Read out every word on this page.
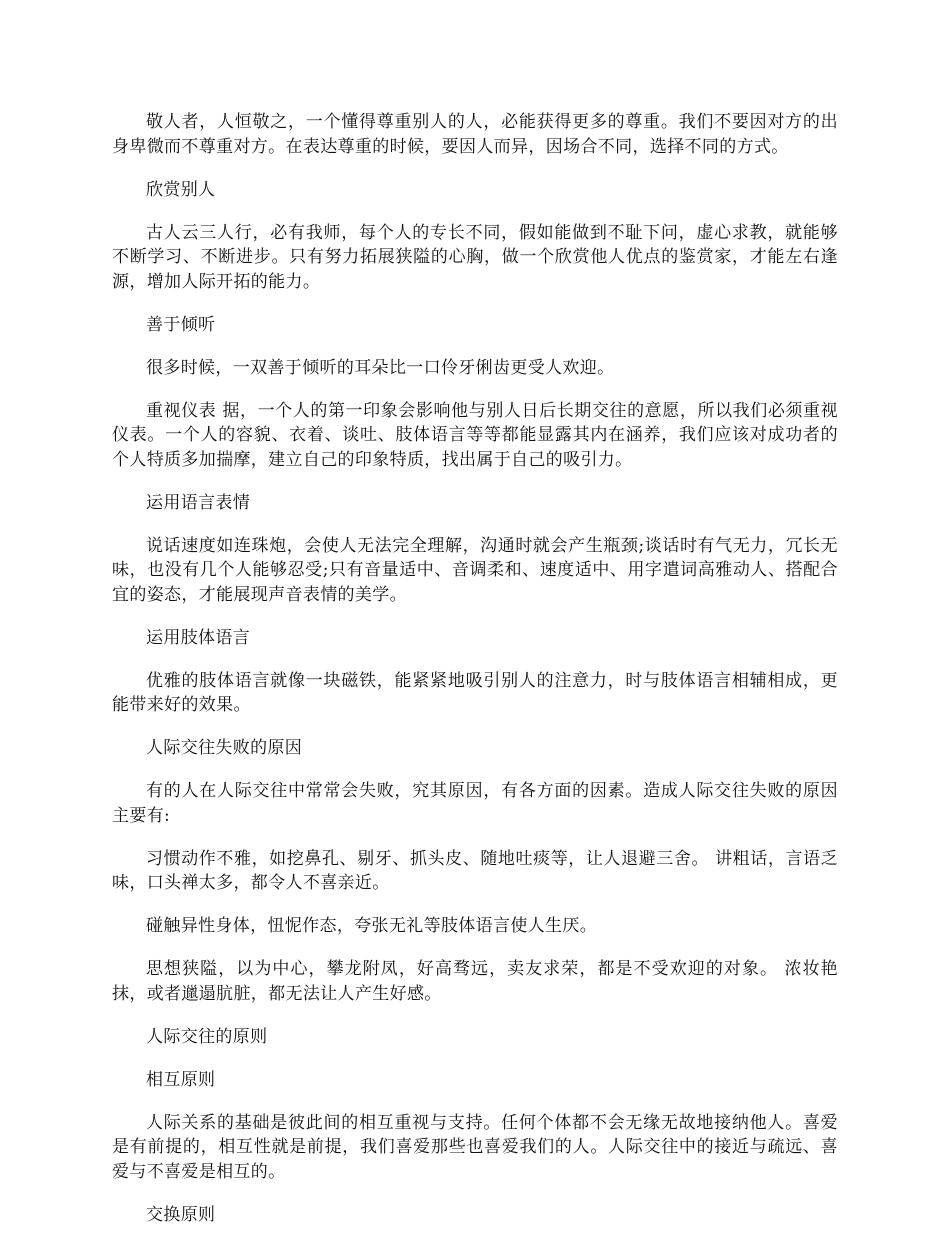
敬人者，人恒敬之，一个懂得尊重别人的人，必能获得更多的尊重。我们不要因对方的出身卑微而不尊重对方。在表达尊重的时候，要因人而异，因场合不同，选择不同的方式。

欣赏别人

古人云三人行，必有我师，每个人的专长不同，假如能做到不耻下问，虚心求教，就能够不断学习、不断进步。只有努力拓展狭隘的心胸，做一个欣赏他人优点的鉴赏家，才能左右逢源，增加人际开拓的能力。

善于倾听

很多时候，一双善于倾听的耳朵比一口伶牙俐齿更受人欢迎。

重视仪表 据，一个人的第一印象会影响他与别人日后长期交往的意愿，所以我们必须重视仪表。一个人的容貌、衣着、谈吐、肢体语言等等都能显露其内在涵养，我们应该对成功者的个人特质多加揣摩，建立自己的印象特质，找出属于自己的吸引力。

运用语言表情

说话速度如连珠炮，会使人无法完全理解，沟通时就会产生瓶颈;谈话时有气无力，冗长无味，也没有几个人能够忍受;只有音量适中、音调柔和、速度适中、用字遣词高雅动人、搭配合宜的姿态，才能展现声音表情的美学。

运用肢体语言

优雅的肢体语言就像一块磁铁，能紧紧地吸引别人的注意力，时与肢体语言相辅相成，更能带来好的效果。

人际交往失败的原因

有的人在人际交往中常常会失败，究其原因，有各方面的因素。造成人际交往失败的原因主要有:

习惯动作不雅，如挖鼻孔、剔牙、抓头皮、随地吐痰等，让人退避三舍。 讲粗话，言语乏味，口头禅太多，都令人不喜亲近。

碰触异性身体，忸怩作态，夸张无礼等肢体语言使人生厌。

思想狭隘，以为中心，攀龙附凤，好高骛远，卖友求荣，都是不受欢迎的对象。 浓妆艳抹，或者邋遢肮脏，都无法让人产生好感。

人际交往的原则

相互原则

人际关系的基础是彼此间的相互重视与支持。任何个体都不会无缘无故地接纳他人。喜爱是有前提的，相互性就是前提，我们喜爱那些也喜爱我们的人。人际交往中的接近与疏远、喜爱与不喜爱是相互的。

交换原则
